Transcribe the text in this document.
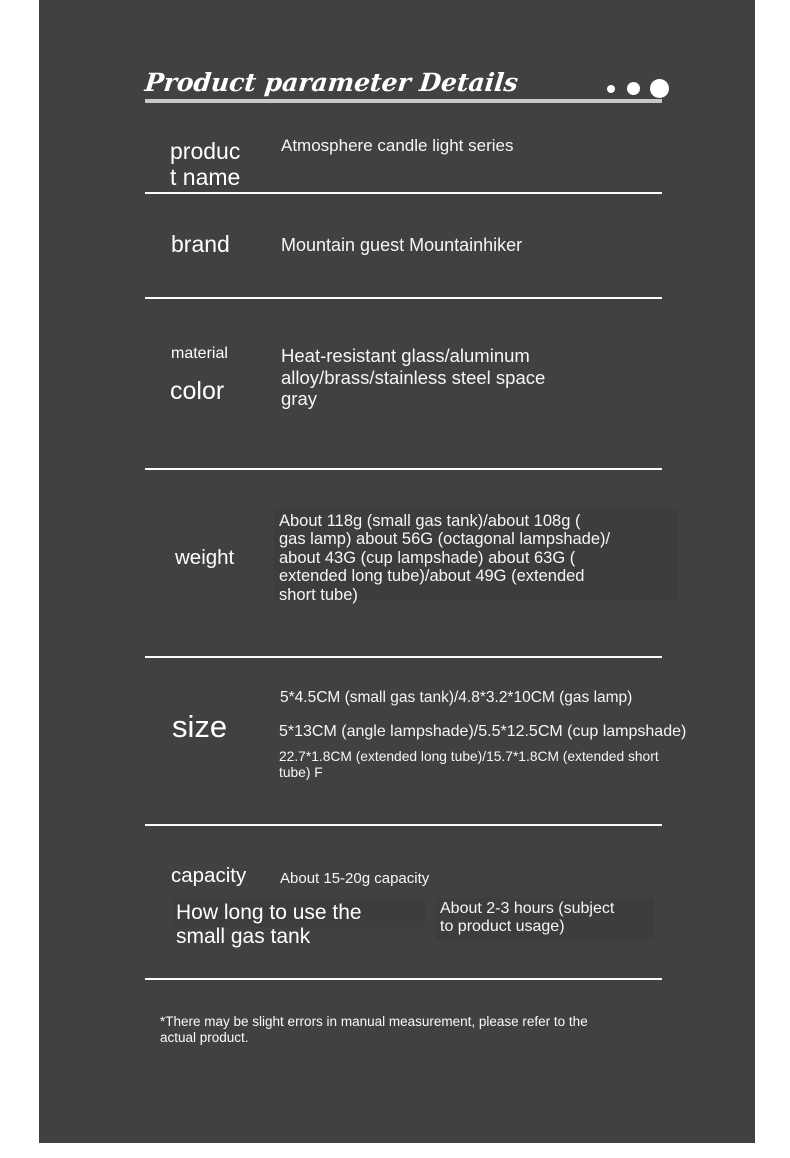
Product parameter Details
produc
t name
Atmosphere candle light series
brand	Mountain guest Mountainhiker
material
color
Heat-resistant glass/aluminum
alloy/brass/stainless steel space
gray
weight
About 118g (small gas tank)/about 108g (
gas lamp) about 56G (octagonal lampshade)/
about 43G (cup lampshade) about 63G (
extended long tube)/about 49G (extended
short tube)
size
5*4.5CM (small gas tank)/4.8*3.2*10CM (gas lamp)
5*13CM (angle lampshade)/5.5*12.5CM (cup lampshade)
22.7*1.8CM (extended long tube)/15.7*1.8CM (extended short
tube) F
capacity About 15-20g capacity
How long to use the
small gas tank
About 2-3 hours (subject
to product usage)
*There may be slight errors in manual measurement, please refer to the
actual product.
